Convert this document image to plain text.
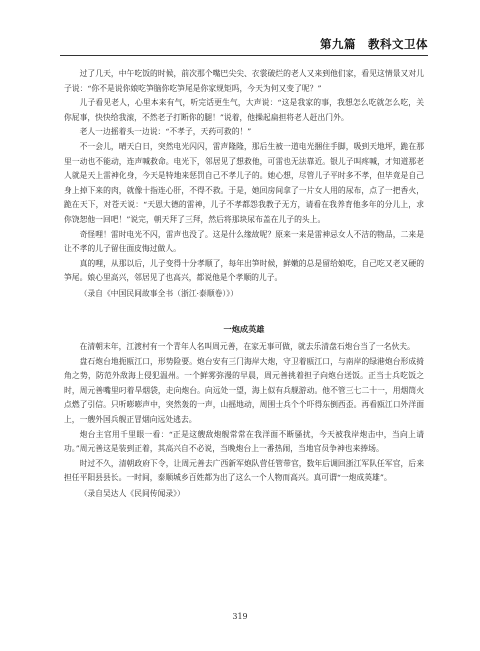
第九篇　教科文卫体

过了几天，中午吃饭的时候，前次那个嘴巴尖尖、衣裳破烂的老人又来到他们家，看见这情景又对儿子说：“你不是说你娘吃笋脑你吃笋尾是你家规矩吗，今天为何又变了呢？”

儿子看见老人，心里本来有气，听完话更生气，大声说：“这是我家的事，我想怎么吃就怎么吃，关你屁事，快快给我滚，不然老子打断你的腿！”说着，他操起扁担将老人赶出门外。

老人一边摇着头一边说：“不孝子，天药可救的！”

不一会儿，晴天白日，突然电光闪闪，雷声隆隆，那后生被一道电光捆住手脚，吸到天地坪，跪在那里一动也不能动，连声喊救命。电光下，邻居见了想救他，可雷也无法靠近。银儿子叫疼喊，才知道那老人就是天上雷神化身，今天是特地来惩罚自己不孝儿子的。她心想，尽管儿子平时多不孝，但毕竟是自己身上掉下来的肉，就像十指连心肝，不得不救。于是，她回房间拿了一片女人用的尿布，点了一把香火，跪在天下，对苍天说：“天恩大德的雷神，儿子不孝都怨我教子无方，请看在我养育他多年的分儿上，求你饶恕他一回吧！”说完，朝天拜了三拜，然后将那块尿布盖在儿子的头上。

奇怪哩！雷时电光不闪，雷声也没了。这是什么缘故呢？原来一来是雷神忌女人不洁的物品，二来是让不孝的儿子留住面皮悔过做人。

真的哩，从那以后，儿子变得十分孝顺了，每年出笋时候，鲜嫩的总是留给娘吃，自己吃又老又硬的笋尾。娘心里高兴，邻居见了也高兴，都说他是个孝顺的儿子。

（录自《中国民间故事全书（浙江·泰顺卷）》）

一炮成英雄

在清朝末年，江渡村有一个青年人名叫周元善，在家无事可做，就去乐清盘石炮台当了一名伙夫。

盘石炮台地扼瓯江口，形势险要。炮台安有三门海岸大炮，守卫着瓯江口，与南岸的绿港炮台形成掎角之势，防范外敌海上侵犯温州。一个鲜雾弥漫的早晨，周元善挑着担子向炮台送饭。正当士兵吃饭之时，周元善嘴里叼着旱烟袋，走向炮台。向远处一望，海上似有兵舰游动。他不管三七二十一，用烟筒火点燃了引信。只听嘭嘭声中，突然轰的一声，山摇地动，周围士兵个个吓得东倒西歪。再看瓯江口外洋面上，一艘外国兵舰正冒烟向远处逃去。

炮台主官用千里眼一看：“正是这艘敌炮舰常常在我洋面不断骚扰，今天被我岸炮击中，当向上请功。”周元善这是装到正着，其高兴自不必说，当晚炮台上一番热闹，当地官员争神也来捧场。

时过不久，清朝政府下令，让周元善去广西新军炮队营任管带官，数年后调回浙江军队任军官，后来担任平阳县县长。一时间，泰顺城乡百姓都为出了这么一个人物而高兴。真可谓“一炮成英雄”。

（录自吴达人《民间传闻录》）

319
